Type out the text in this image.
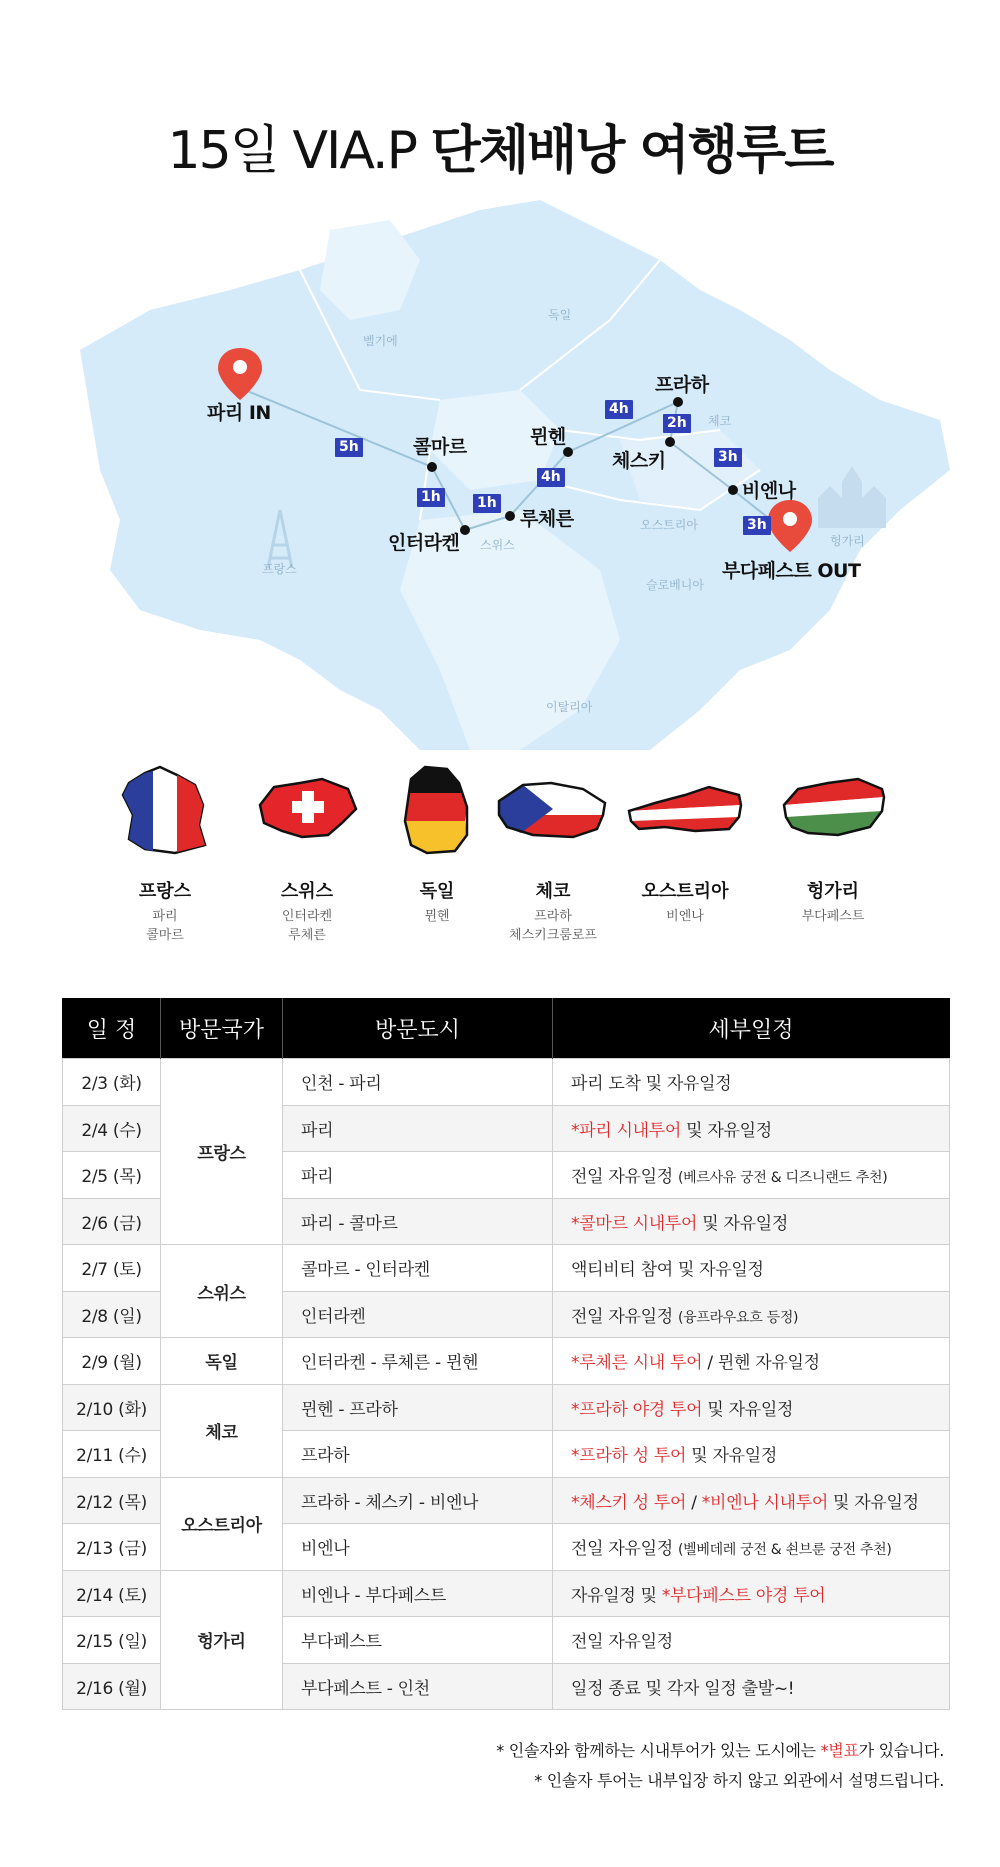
15일 VIA.P 단체배낭 여행루트
벨기에
독일
체코
프랑스
스위스
오스트리아
슬로베니아
헝가리
이탈리아
파리 IN
콜마르
인터라켄
루체른
뮌헨
프라하
체스키
비엔나
부다페스트 OUT
5h
1h	1h
4h
4h
2h
3h
3h
프랑스
파리
콜마르
스위스
인터라켄
루체른
독일
뮌헨
체코
프라하
체스키크룸로프
오스트리아
비엔나
헝가리
부다페스트
일 정	방문국가	방문도시	세부일정
2/3 (화)	프랑스	인천 - 파리	파리 도착 및 자유일정
2/4 (수)		파리	*파리 시내투어 및 자유일정
2/5 (목)		파리	전일 자유일정 (베르사유 궁전 & 디즈니랜드 추천)
2/6 (금)		파리 - 콜마르	*콜마르 시내투어 및 자유일정
2/7 (토)	스위스	콜마르 - 인터라켄	액티비티 참여 및 자유일정
2/8 (일)		인터라켄	전일 자유일정 (융프라우요흐 등정)
2/9 (월)	독일	인터라켄 - 루체른 - 뮌헨	*루체른 시내 투어 / 뮌헨 자유일정
2/10 (화)	체코	뮌헨 - 프라하	*프라하 야경 투어 및 자유일정
2/11 (수)		프라하	*프라하 성 투어 및 자유일정
2/12 (목)	오스트리아	프라하 - 체스키 - 비엔나	*체스키 성 투어 / *비엔나 시내투어 및 자유일정
2/13 (금)		비엔나	전일 자유일정 (벨베데레 궁전 & 쇤브룬 궁전 추천)
2/14 (토)	헝가리	비엔나 - 부다페스트	자유일정 및 *부다페스트 야경 투어
2/15 (일)		부다페스트	전일 자유일정
2/16 (월)		부다페스트 - 인천	일정 종료 및 각자 일정 출발~!
* 인솔자와 함께하는 시내투어가 있는 도시에는 *별표가 있습니다.
* 인솔자 투어는 내부입장 하지 않고 외관에서 설명드립니다.
